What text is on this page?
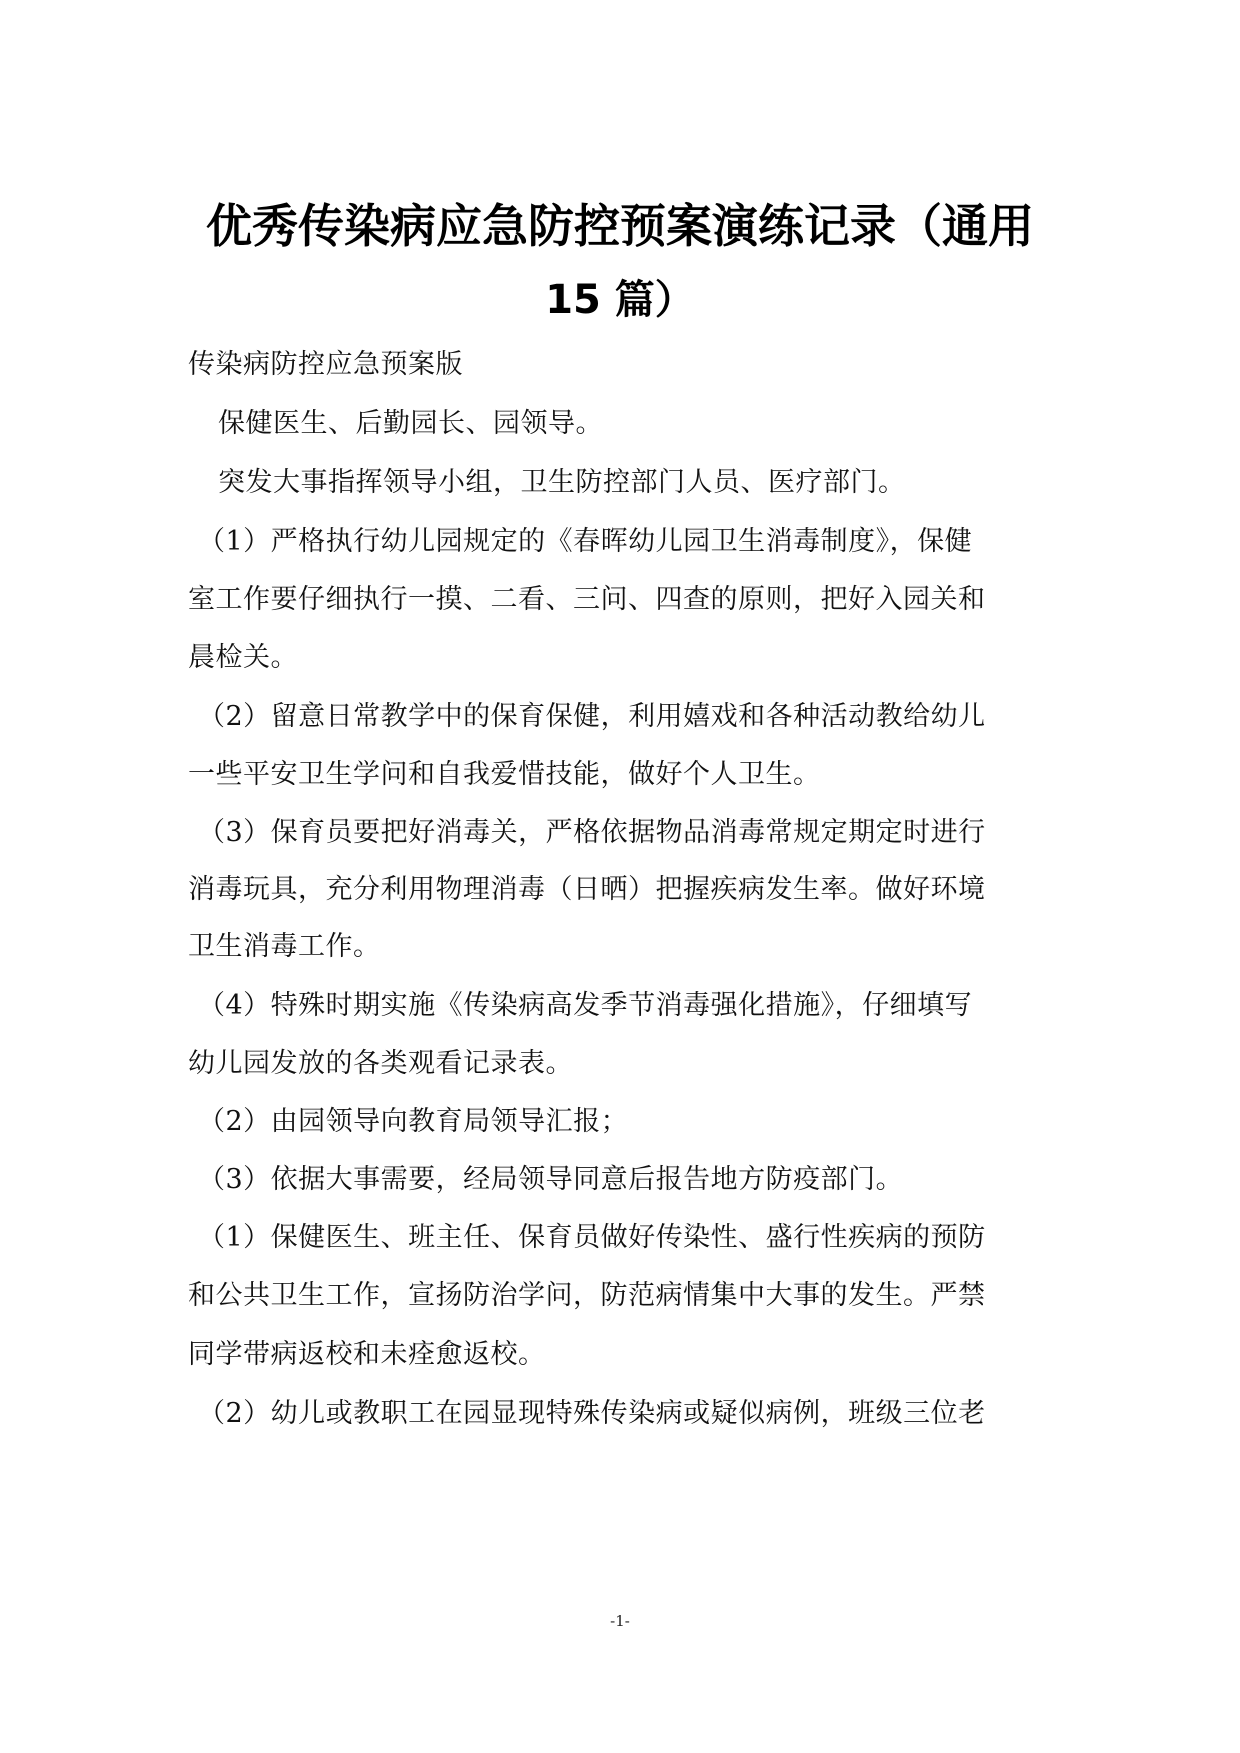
优秀传染病应急防控预案演练记录（通用
15 篇）
传染病防控应急预案版
保健医生、后勤园长、园领导。
突发大事指挥领导小组，卫生防控部门人员、医疗部门。
（1）严格执行幼儿园规定的《春晖幼儿园卫生消毒制度》，保健
室工作要仔细执行一摸、二看、三问、四查的原则，把好入园关和
晨检关。
（2）留意日常教学中的保育保健，利用嬉戏和各种活动教给幼儿
一些平安卫生学问和自我爱惜技能，做好个人卫生。
（3）保育员要把好消毒关，严格依据物品消毒常规定期定时进行
消毒玩具，充分利用物理消毒（日晒）把握疾病发生率。做好环境
卫生消毒工作。
（4）特殊时期实施《传染病高发季节消毒强化措施》，仔细填写
幼儿园发放的各类观看记录表。
（2）由园领导向教育局领导汇报；
（3）依据大事需要，经局领导同意后报告地方防疫部门。
（1）保健医生、班主任、保育员做好传染性、盛行性疾病的预防
和公共卫生工作，宣扬防治学问，防范病情集中大事的发生。严禁
同学带病返校和未痊愈返校。
（2）幼儿或教职工在园显现特殊传染病或疑似病例，班级三位老
-1-
